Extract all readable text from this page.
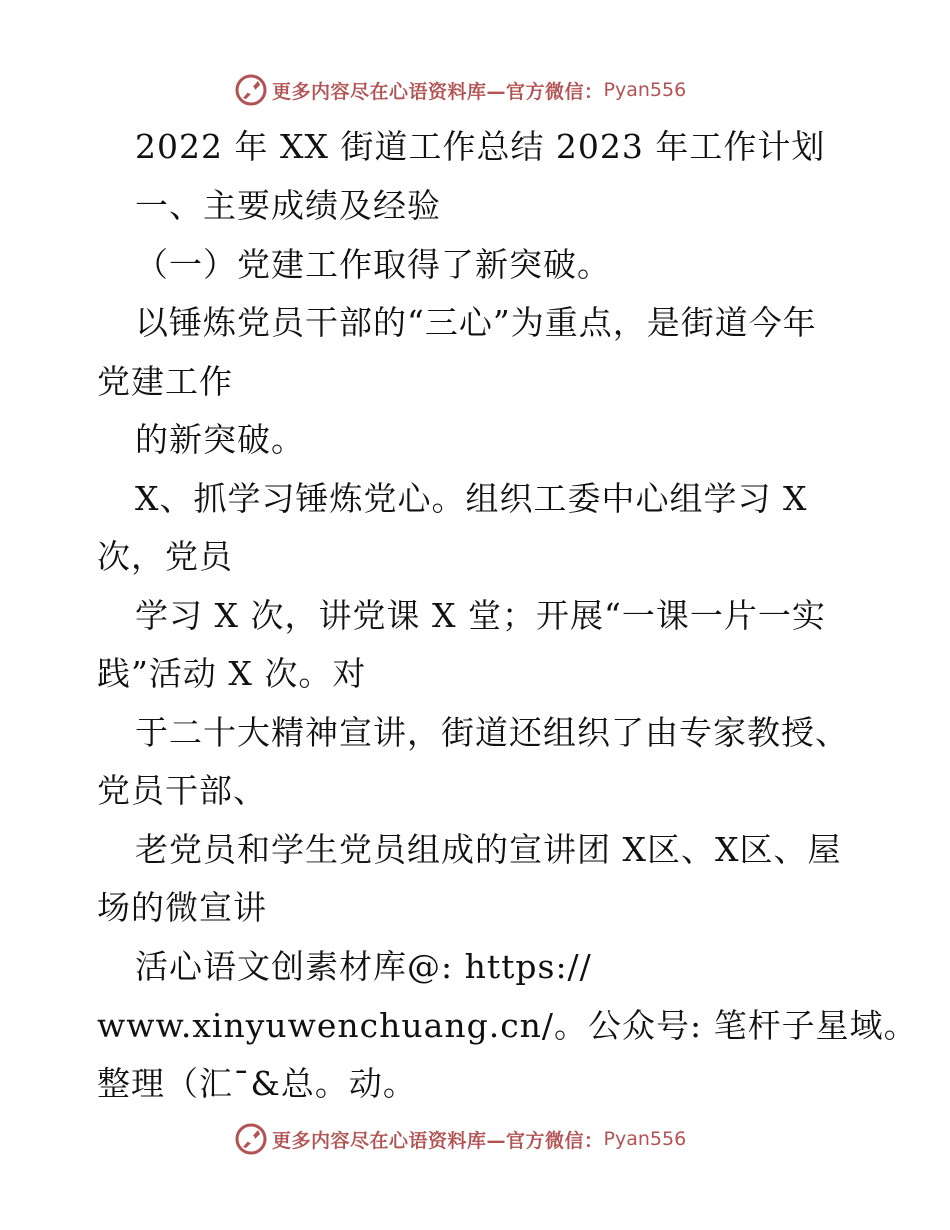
更多内容尽在心语资料库—官方微信： Pyan556
2022 年 XX 街道工作总结 2023 年工作计划
一、主要成绩及经验
（一）党建工作取得了新突破。
以锤炼党员干部的“三心”为重点，是街道今年
党建工作
的新突破。
X、抓学习锤炼党心。组织工委中心组学习 X
次，党员
学习 X 次，讲党课 X 堂；开展“一课一片一实
践”活动 X 次。对
于二十大精神宣讲，街道还组织了由专家教授、
党员干部、
老党员和学生党员组成的宣讲团 X区、X区、屋
场的微宣讲
活心语文创素材库@: https://
www.xinyuwenchuang.cn/。公众号: 笔杆子星域。
整理（汇¯&总。动。
更多内容尽在心语资料库—官方微信： Pyan556
